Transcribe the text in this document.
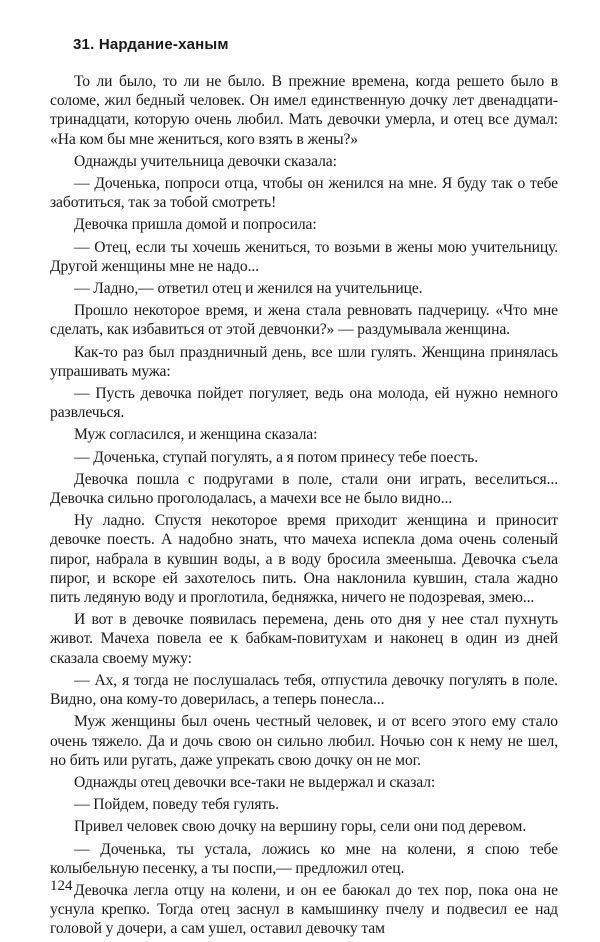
31. Нардание-ханым

То ли было, то ли не было. В прежние времена, когда решето было в соломе, жил бедный человек. Он имел единственную дочку лет двенадцати-тринадцати, которую очень любил. Мать девочки умерла, и отец все думал: «На ком бы мне жениться, кого взять в жены?»

Однажды учительница девочки сказала:

— Доченька, попроси отца, чтобы он женился на мне. Я буду так о тебе заботиться, так за тобой смотреть!

Девочка пришла домой и попросила:

— Отец, если ты хочешь жениться, то возьми в жены мою учительницу. Другой женщины мне не надо...

— Ладно,— ответил отец и женился на учительнице.

Прошло некоторое время, и жена стала ревновать падчерицу. «Что мне сделать, как избавиться от этой девчонки?» — раздумывала женщина.

Как-то раз был праздничный день, все шли гулять. Женщина принялась упрашивать мужа:

— Пусть девочка пойдет погуляет, ведь она молода, ей нужно немного развлечься.

Муж согласился, и женщина сказала:

— Доченька, ступай погулять, а я потом принесу тебе поесть.

Девочка пошла с подругами в поле, стали они играть, веселиться... Девочка сильно проголодалась, а мачехи все не было видно...

Ну ладно. Спустя некоторое время приходит женщина и приносит девочке поесть. А надобно знать, что мачеха испекла дома очень соленый пирог, набрала в кувшин воды, а в воду бросила змееныша. Девочка съела пирог, и вскоре ей захотелось пить. Она наклонила кувшин, стала жадно пить ледяную воду и проглотила, бедняжка, ничего не подозревая, змею...

И вот в девочке появилась перемена, день ото дня у нее стал пухнуть живот. Мачеха повела ее к бабкам-повитухам и наконец в один из дней сказала своему мужу:

— Ах, я тогда не послушалась тебя, отпустила девочку погулять в поле. Видно, она кому-то доверилась, а теперь понесла...

Муж женщины был очень честный человек, и от всего этого ему стало очень тяжело. Да и дочь свою он сильно любил. Ночью сон к нему не шел, но бить или ругать, даже упрекать свою дочку он не мог.

Однажды отец девочки все-таки не выдержал и сказал:

— Пойдем, поведу тебя гулять.

Привел человек свою дочку на вершину горы, сели они под деревом.

— Доченька, ты устала, ложись ко мне на колени, я спою тебе колыбельную песенку, а ты поспи,— предложил отец.

Девочка легла отцу на колени, и он ее баюкал до тех пор, пока она не уснула крепко. Тогда отец заснул в камышинку пчелу и подвесил ее над головой у дочери, а сам ушел, оставил девочку там

124
